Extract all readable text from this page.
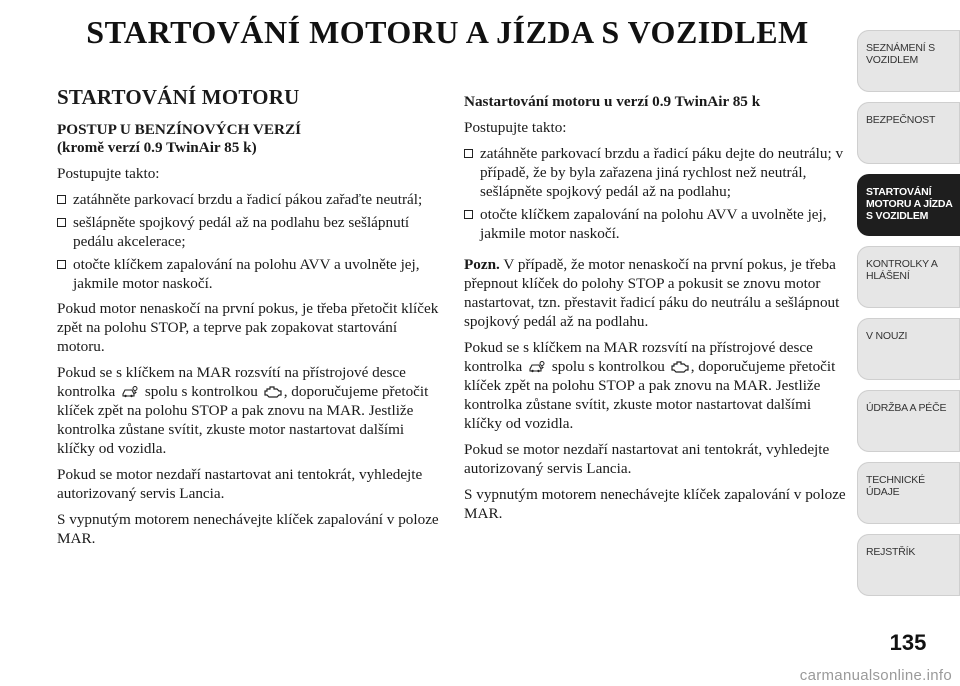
STARTOVÁNÍ MOTORU A JÍZDA S VOZIDLEM
STARTOVÁNÍ MOTORU
POSTUP U BENZÍNOVÝCH VERZÍ
(kromě verzí 0.9 TwinAir 85 k)

Postupujte takto:

zatáhněte parkovací brzdu a řadicí pákou zařaďte neutrál;
sešlápněte spojkový pedál až na podlahu bez sešlápnutí pedálu akcelerace;
otočte klíčkem zapalování na polohu AVV a uvolněte jej, jakmile motor naskočí.

Pokud motor nenaskočí na první pokus, je třeba přetočit klíček zpět na polohu STOP, a teprve pak zopakovat startování motoru.

Pokud se s klíčkem na MAR rozsvítí na přístrojové desce kontrolka spolu s kontrolkou , doporučujeme přetočit klíček zpět na polohu STOP a pak znovu na MAR. Jestliže kontrolka zůstane svítit, zkuste motor nastartovat dalšími klíčky od vozidla.

Pokud se motor nezdaří nastartovat ani tentokrát, vyhledejte autorizovaný servis Lancia.

S vypnutým motorem nenechávejte klíček zapalování v poloze MAR.

Nastartování motoru u verzí 0.9 TwinAir 85 k

Postupujte takto:

zatáhněte parkovací brzdu a řadicí páku dejte do neutrálu; v případě, že by byla zařazena jiná rychlost než neutrál, sešlápněte spojkový pedál až na podlahu;
otočte klíčkem zapalování na polohu AVV a uvolněte jej, jakmile motor naskočí.

Pozn. V případě, že motor nenaskočí na první pokus, je třeba přepnout klíček do polohy STOP a pokusit se znovu motor nastartovat, tzn. přestavit řadicí páku do neutrálu a sešlápnout spojkový pedál až na podlahu.

Pokud se s klíčkem na MAR rozsvítí na přístrojové desce kontrolka spolu s kontrolkou , doporučujeme přetočit klíček zpět na polohu STOP a pak znovu na MAR. Jestliže kontrolka zůstane svítit, zkuste motor nastartovat dalšími klíčky od vozidla.

Pokud se motor nezdaří nastartovat ani tentokrát, vyhledejte autorizovaný servis Lancia.

S vypnutým motorem nenechávejte klíček zapalování v poloze MAR.

SEZNÁMENÍ S
VOZIDLEM
BEZPEČNOST
STARTOVÁNÍ
MOTORU A JÍZDA
S VOZIDLEM
KONTROLKY A
HLÁŠENÍ
V NOUZI
ÚDRŽBA A PÉČE
TECHNICKÉ
ÚDAJE
REJSTŘÍK
135
carmanualsonline.info
